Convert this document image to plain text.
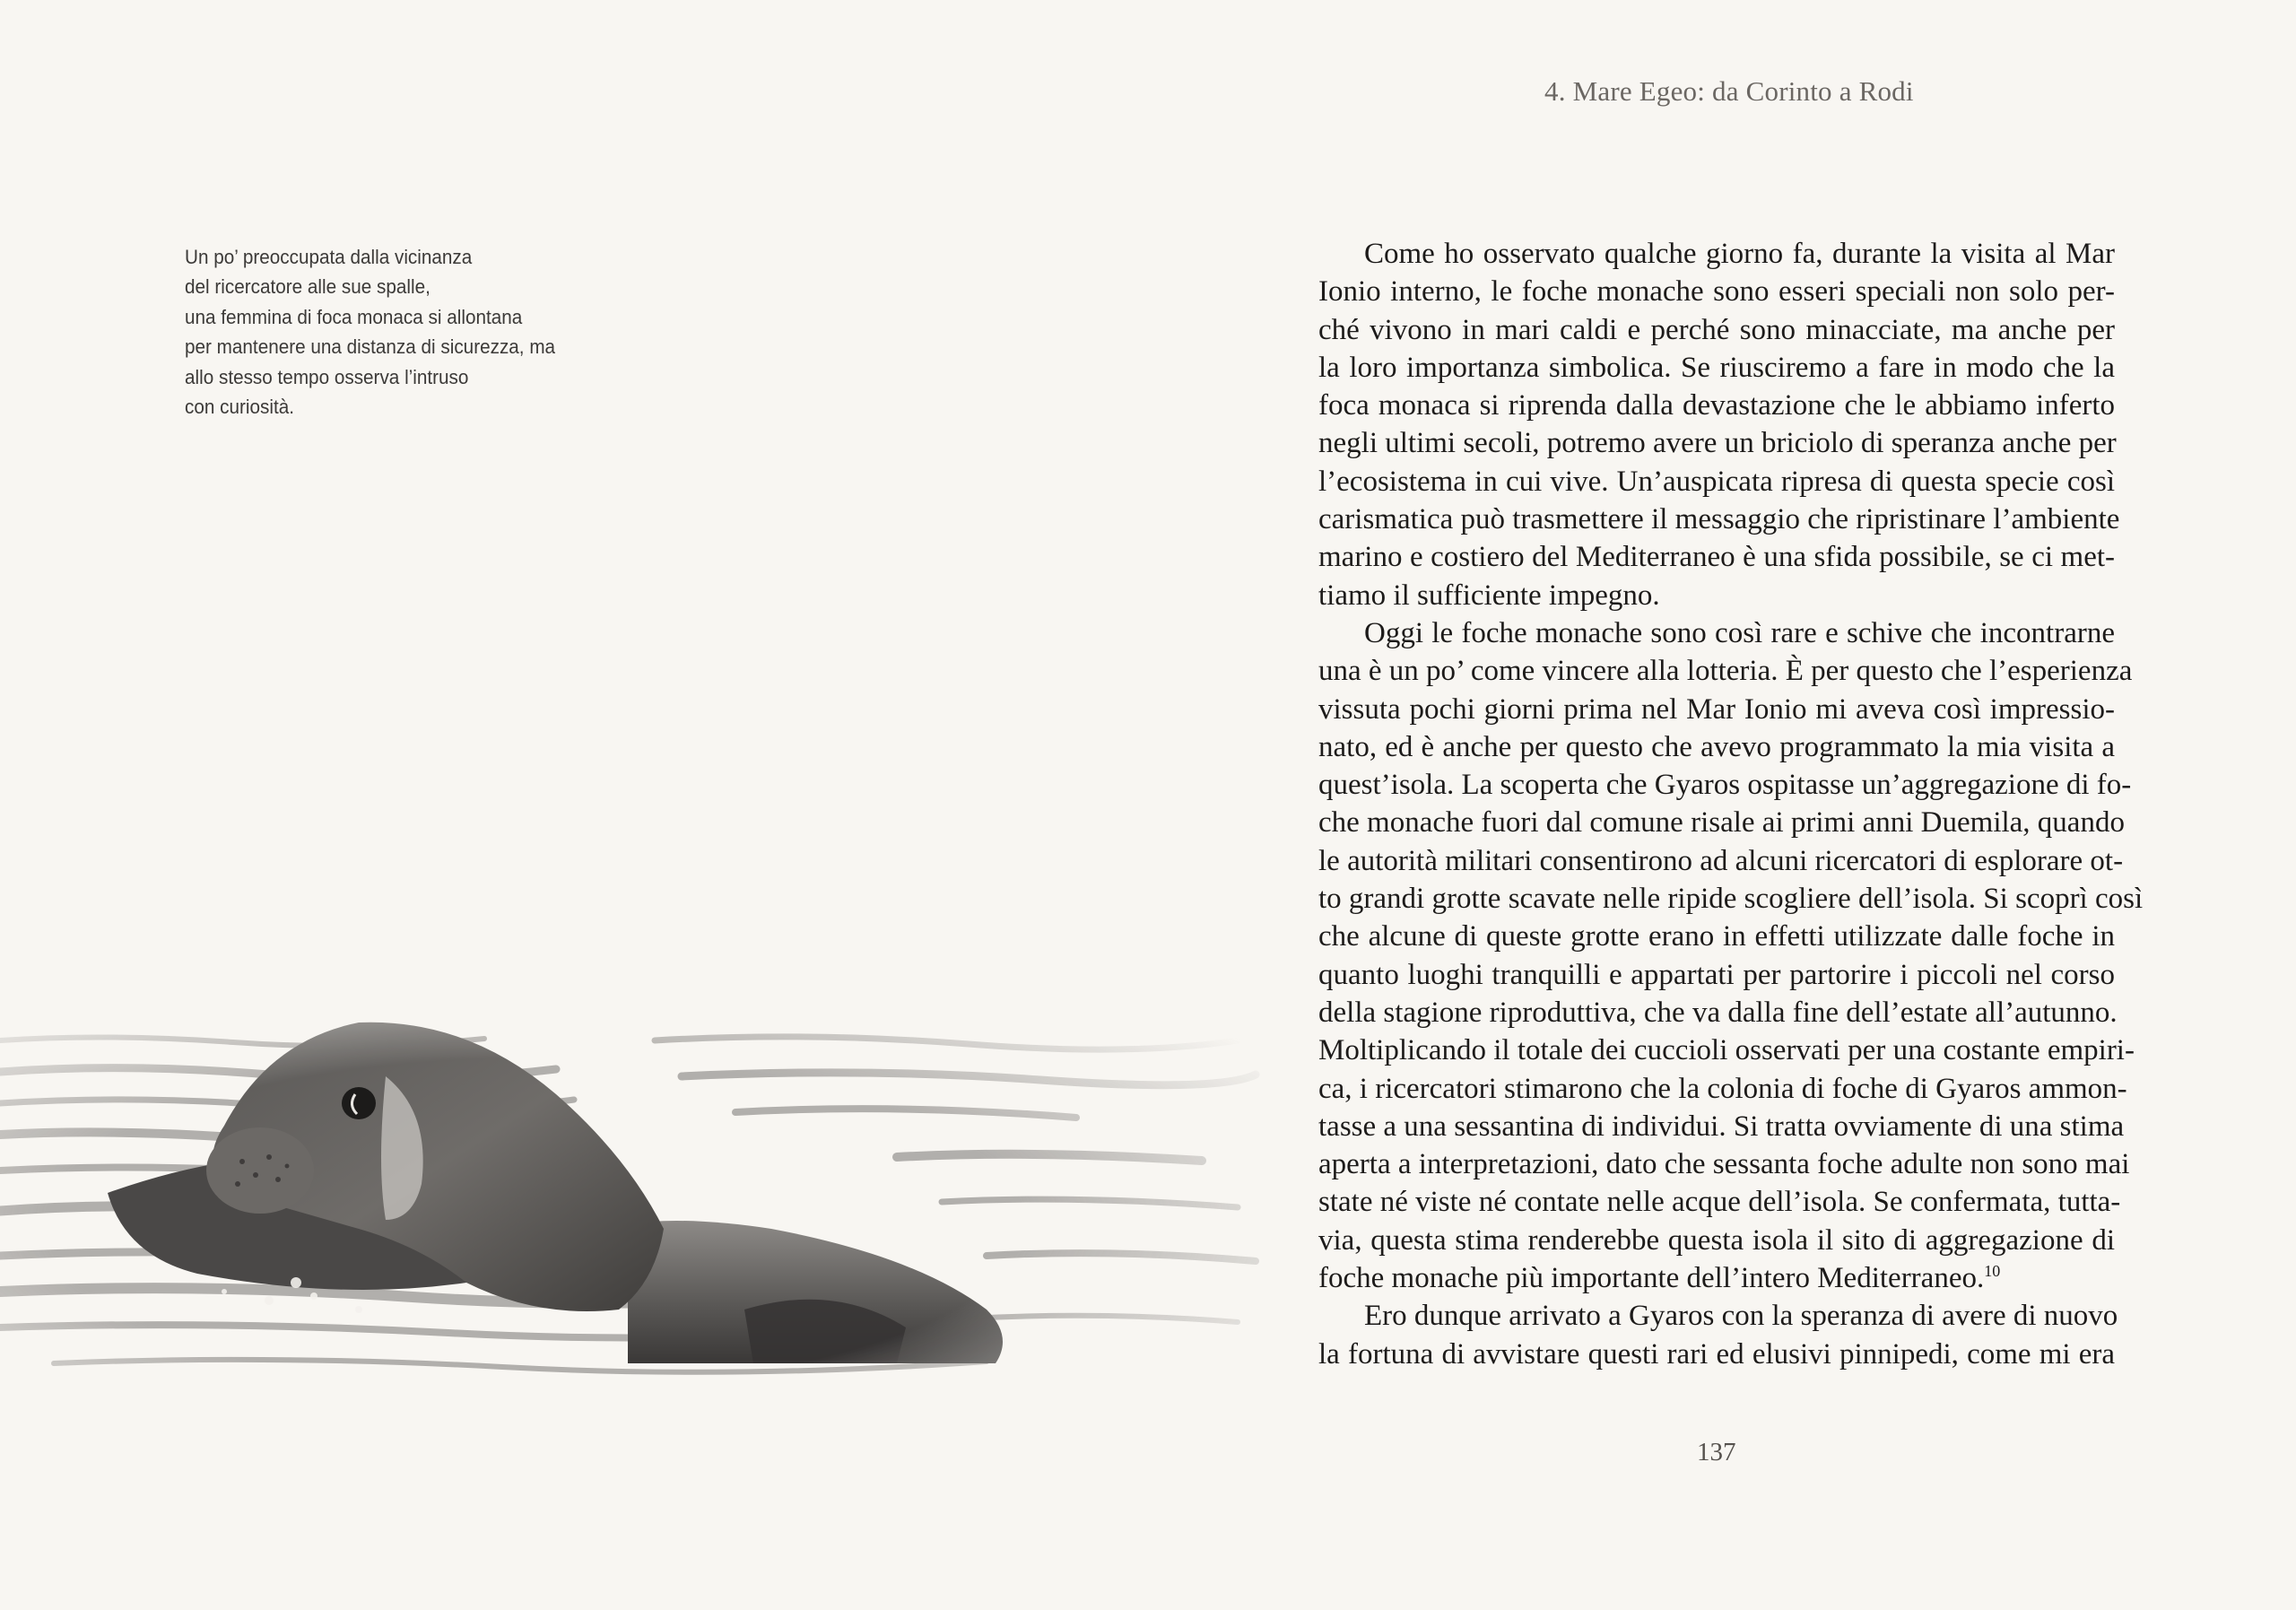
Un po’ preoccupata dalla vicinanza
del ricercatore alle sue spalle,
una femmina di foca monaca si allontana
per mantenere una distanza di sicurezza, ma
allo stesso tempo osserva l’intruso
con curiosità.
4. Mare Egeo: da Corinto a Rodi
Come ho osservato qualche giorno fa, durante la visita al Mar
Ionio interno, le foche monache sono esseri speciali non solo per-
ché vivono in mari caldi e perché sono minacciate, ma anche per
la loro importanza simbolica. Se riusciremo a fare in modo che la
foca monaca si riprenda dalla devastazione che le abbiamo inferto
negli ultimi secoli, potremo avere un briciolo di speranza anche per
l’ecosistema in cui vive. Un’auspicata ripresa di questa specie così
carismatica può trasmettere il messaggio che ripristinare l’ambiente
marino e costiero del Mediterraneo è una sfida possibile, se ci met-
tiamo il sufficiente impegno.
Oggi le foche monache sono così rare e schive che incontrarne
una è un po’ come vincere alla lotteria. È per questo che l’esperienza
vissuta pochi giorni prima nel Mar Ionio mi aveva così impressio-
nato, ed è anche per questo che avevo programmato la mia visita a
quest’isola. La scoperta che Gyaros ospitasse un’aggregazione di fo-
che monache fuori dal comune risale ai primi anni Duemila, quando
le autorità militari consentirono ad alcuni ricercatori di esplorare ot-
to grandi grotte scavate nelle ripide scogliere dell’isola. Si scoprì così
che alcune di queste grotte erano in effetti utilizzate dalle foche in
quanto luoghi tranquilli e appartati per partorire i piccoli nel corso
della stagione riproduttiva, che va dalla fine dell’estate all’autunno.
Moltiplicando il totale dei cuccioli osservati per una costante empiri-
ca, i ricercatori stimarono che la colonia di foche di Gyaros ammon-
tasse a una sessantina di individui. Si tratta ovviamente di una stima
aperta a interpretazioni, dato che sessanta foche adulte non sono mai
state né viste né contate nelle acque dell’isola. Se confermata, tutta-
via, questa stima renderebbe questa isola il sito di aggregazione di
foche monache più importante dell’intero Mediterraneo.$^{10}$
Ero dunque arrivato a Gyaros con la speranza di avere di nuovo
la fortuna di avvistare questi rari ed elusivi pinnipedi, come mi era
137
